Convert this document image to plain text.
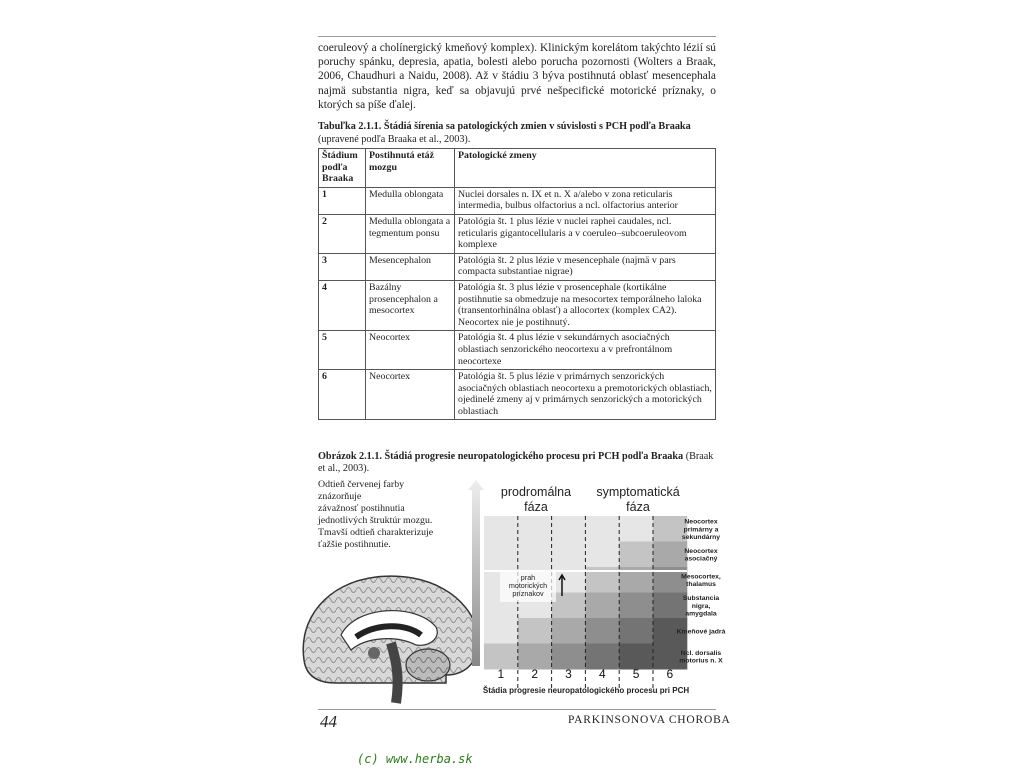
coeruleový a cholínergický kmeňový komplex). Klinickým korelátom takýchto lézií sú poruchy spánku, depresia, apatia, bolesti alebo porucha pozornosti (Wolters a Braak, 2006, Chaudhuri a Naidu, 2008). Až v štádiu 3 býva postihnutá oblasť mesencephala najmä substantia nigra, keď sa objavujú prvé nešpecifické motorické príznaky, o ktorých sa píše ďalej.

Tabuľka 2.1.1. Štádiá šírenia sa patologických zmien v súvislosti s PCH podľa Braaka (upravené podľa Braaka et al., 2003).
Štádium podľa Braaka	Postihnutá etáž mozgu	Patologické zmeny
1	Medulla oblongata	Nuclei dorsales n. IX et n. X a/alebo v zona reticularis intermedia, bulbus olfactorius a ncl. olfactorius anterior
2	Medulla oblongata a tegmentum ponsu	Patológia št. 1 plus lézie v nuclei raphei caudales, ncl. reticularis gigantocellularis a v coeruleo–subcoeruleovom komplexe
3	Mesencephalon	Patológia št. 2 plus lézie v mesencephale (najmä v pars compacta substantiae nigrae)
4	Bazálny prosencephalon a mesocortex	Patológia št. 3 plus lézie v prosencephale (kortikálne postihnutie sa obmedzuje na mesocortex temporálneho laloka (transentorhinálna oblasť) a allocortex (komplex CA2). Neocortex nie je postihnutý.
5	Neocortex	Patológia št. 4 plus lézie v sekundárnych asociačných oblastiach senzorického neocortexu a v prefrontálnom neocortexe
6	Neocortex	Patológia št. 5 plus lézie v primárnych senzorických asociačných oblastiach neocortexu a premotorických oblastiach, ojedinelé zmeny aj v primárnych senzorických a motorických oblastiach
Obrázok 2.1.1. Štádiá progresie neuropatologického procesu pri PCH podľa Braaka (Braak et al., 2003).
Odtieň červenej farby
znázorňuje
závažnosť postihnutia
jednotlivých štruktúr mozgu.
Tmavší odtieň charakterizuje
ťažšie postihnutie.
prodromálna
fáza
symptomatická
fáza
prah
motorických
príznakov
Neocortex
primárny a
sekundárny
Neocortex
asociačný
Mesocortex,
thalamus
Substancia
nigra,
amygdala
Kmeňové jadrá
Ncl. dorsalis
motorius n. X
1 2 3 4 5 6
Štádia progresie neuropatologického procesu pri PCH
44	PARKINSONOVA CHOROBA
(c) www.herba.sk
